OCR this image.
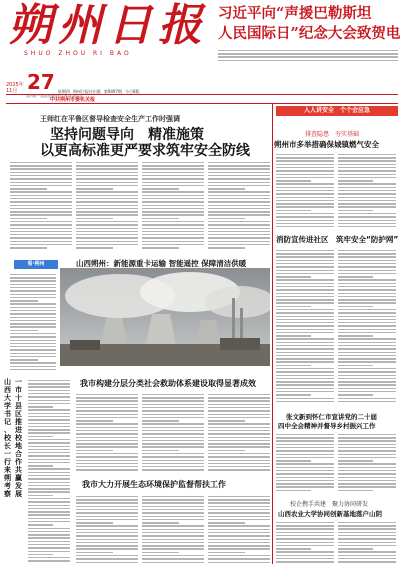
朔州日报
SHUO ZHOU RI BAO
习近平向“声援巴勒斯坦
人民国际日”纪念大会致贺电
2025年 11月 27 星期四 朔州日报社出版 第9497期 今日8版
国内统一连续出版物号 CN14-0013
中共朔州市委机关报
王师红在平鲁区督导检查安全生产工作时强调
坚持问题导向　精准施策
以更高标准更严要求筑牢安全防线
人人讲安全　个个会应急
排查隐患　夯实基础
朔州市多举措确保城镇燃气安全
消防宣传进社区　筑牢安全“防护网”
张文新到怀仁市宣讲党的二十届
四中全会精神并督导乡村振兴工作
校企携手共建　聚力协同研发
山西农业大学协同创新基地落户山阴
看·朔州	山西朔州：新能源重卡运输 智能遥控 保障清洁供暖
山
西
大
学
书
记
、
校
长
一
行
来
朔
考
察
一
市
十
县
区
推
进
校
地
合
作
共
赢
发
展
我市构建分层分类社会救助体系建设取得显著成效
我市大力开展生态环境保护监督帮扶工作
